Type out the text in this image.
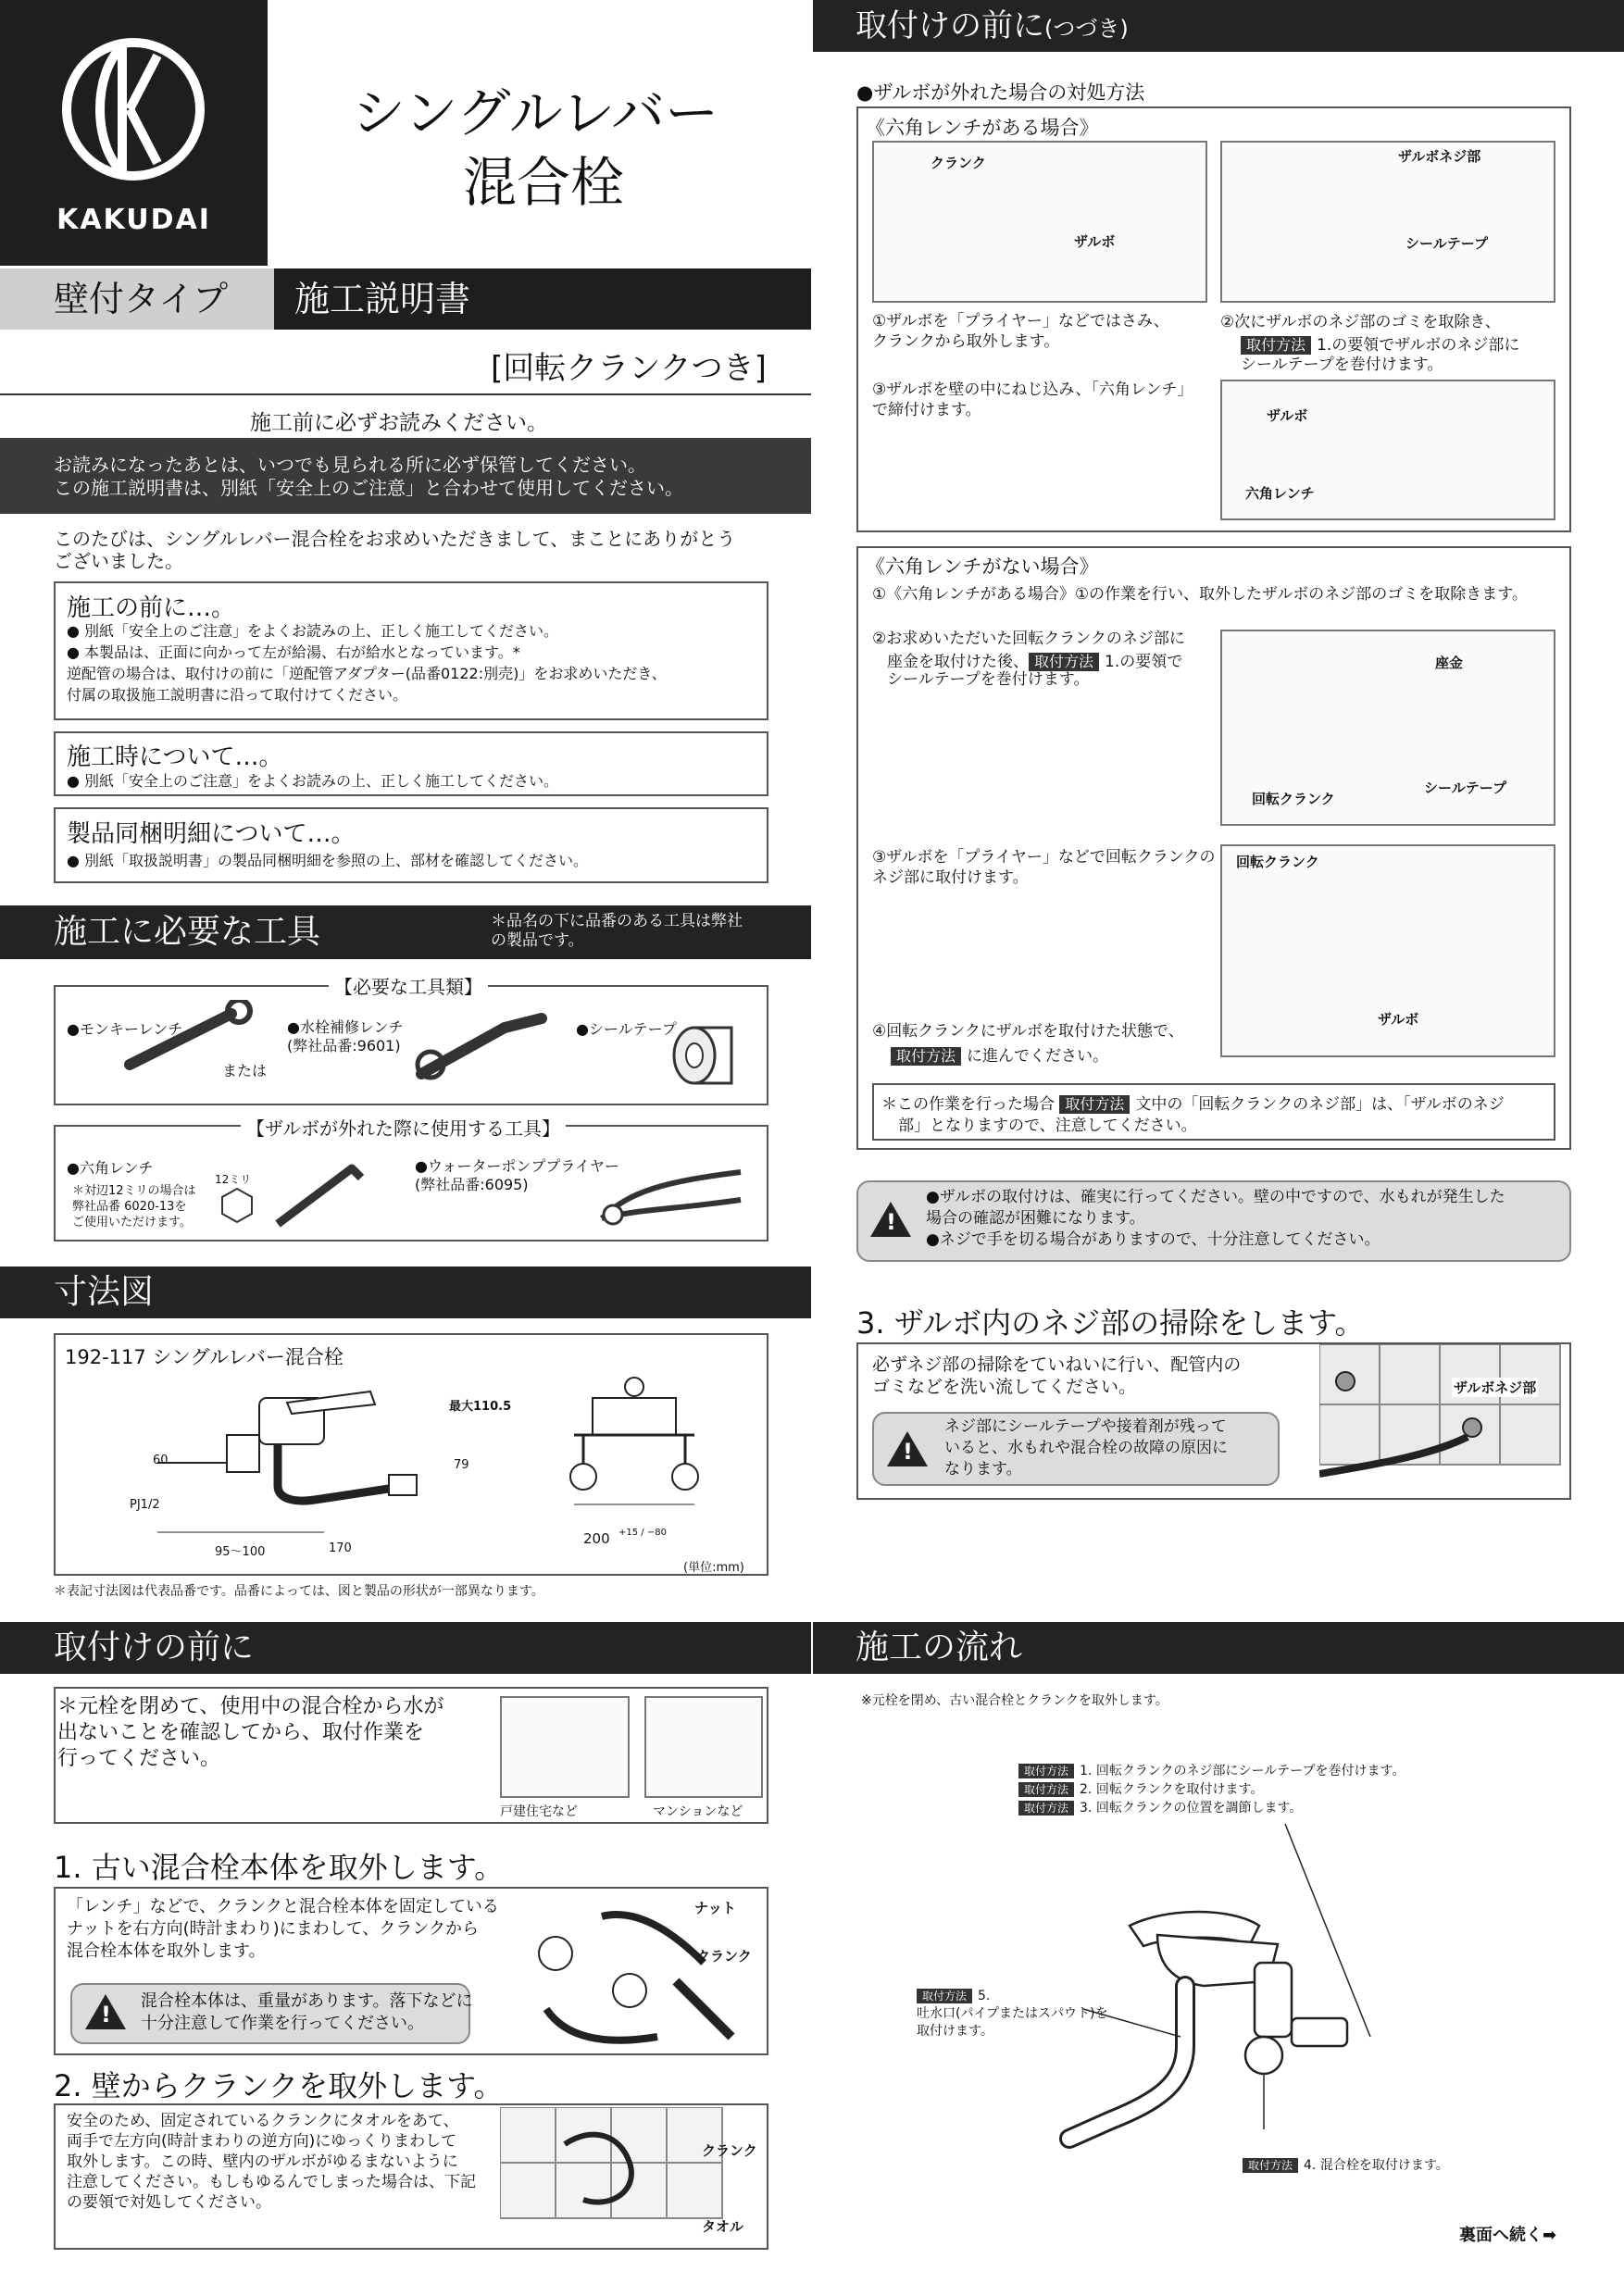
KAKUDAI
シングルレバー
混合栓
壁付タイプ	施工説明書
[回転クランクつき]
施工前に必ずお読みください。
お読みになったあとは、いつでも見られる所に必ず保管してください。
この施工説明書は、別紙「安全上のご注意」と合わせて使用してください。
このたびは、シングルレバー混合栓をお求めいただきまして、まことにありがとう
ございました。
施工の前に…。
● 別紙「安全上のご注意」をよくお読みの上、正しく施工してください。
● 本製品は、正面に向かって左が給湯、右が給水となっています。*
逆配管の場合は、取付けの前に「逆配管アダプター(品番0122:別売)」をお求めいただき、
付属の取扱施工説明書に沿って取付けてください。
施工時について…。
● 別紙「安全上のご注意」をよくお読みの上、正しく施工してください。
製品同梱明細について…。
● 別紙「取扱説明書」の製品同梱明細を参照の上、部材を確認してください。
施工に必要な工具	＊品名の下に品番のある工具は弊社
の製品です。
【必要な工具類】
●モンキーレンチ
または
●水栓補修レンチ
(弊社品番:9601)
●シールテープ
【ザルボが外れた際に使用する工具】
●六角レンチ
＊対辺12ミリの場合は
弊社品番 6020-13を
ご使用いただけます。
12ミリ
●ウォーターポンププライヤー
(弊社品番:6095)
寸法図
192-117 シングルレバー混合栓
最大110.5
60	79
PJ1/2
95〜100	170
200 +15 / −80
(単位:mm)
＊表記寸法図は代表品番です。品番によっては、図と製品の形状が一部異なります。
取付けの前に
＊元栓を閉めて、使用中の混合栓から水が
出ないことを確認してから、取付作業を
行ってください。
戸建住宅など	マンションなど
1. 古い混合栓本体を取外します。
「レンチ」などで、クランクと混合栓本体を固定している
ナットを右方向(時計まわり)にまわして、クランクから
混合栓本体を取外します。
!
混合栓本体は、重量があります。落下などに
十分注意して作業を行ってください。
ナット
クランク
2. 壁からクランクを取外します。
安全のため、固定されているクランクにタオルをあて、
両手で左方向(時計まわりの逆方向)にゆっくりまわして
取外します。この時、壁内のザルボがゆるまないように
注意してください。もしもゆるんでしまった場合は、下記
の要領で対処してください。
クランク
タオル
取付けの前に(つづき)
●ザルボが外れた場合の対処方法
《六角レンチがある場合》
クランク
ザルボ
ザルボネジ部
シールテープ
①ザルボを「プライヤー」などではさみ、
クランクから取外します。
②次にザルボのネジ部のゴミを取除き、
取付方法 1.の要領でザルボのネジ部に
シールテープを巻付けます。
③ザルボを壁の中にねじ込み、「六角レンチ」
で締付けます。	ザルボ
六角レンチ
《六角レンチがない場合》
①《六角レンチがある場合》①の作業を行い、取外したザルボのネジ部のゴミを取除きます。
②お求めいただいた回転クランクのネジ部に
座金を取付けた後、 取付方法 1.の要領で
シールテープを巻付けます。
座金
回転クランク
シールテープ
③ザルボを「プライヤー」などで回転クランクの
ネジ部に取付けます。
回転クランク
ザルボ
④回転クランクにザルボを取付けた状態で、
取付方法 に進んでください。
＊この作業を行った場合 取付方法 文中の「回転クランクのネジ部」は、「ザルボのネジ
部」となりますので、注意してください。
!
●ザルボの取付けは、確実に行ってください。壁の中ですので、水もれが発生した
場合の確認が困難になります。
●ネジで手を切る場合がありますので、十分注意してください。
3. ザルボ内のネジ部の掃除をします。
必ずネジ部の掃除をていねいに行い、配管内の
ゴミなどを洗い流してください。
!
ネジ部にシールテープや接着剤が残って
いると、水もれや混合栓の故障の原因に
なります。
ザルボネジ部
施工の流れ
※元栓を閉め、古い混合栓とクランクを取外します。
取付方法 1. 回転クランクのネジ部にシールテープを巻付けます。
取付方法 2. 回転クランクを取付けます。
取付方法 3. 回転クランクの位置を調節します。
取付方法 5.
吐水口(パイプまたはスパウト)を
取付けます。
取付方法 4. 混合栓を取付けます。
裏面へ続く➡
